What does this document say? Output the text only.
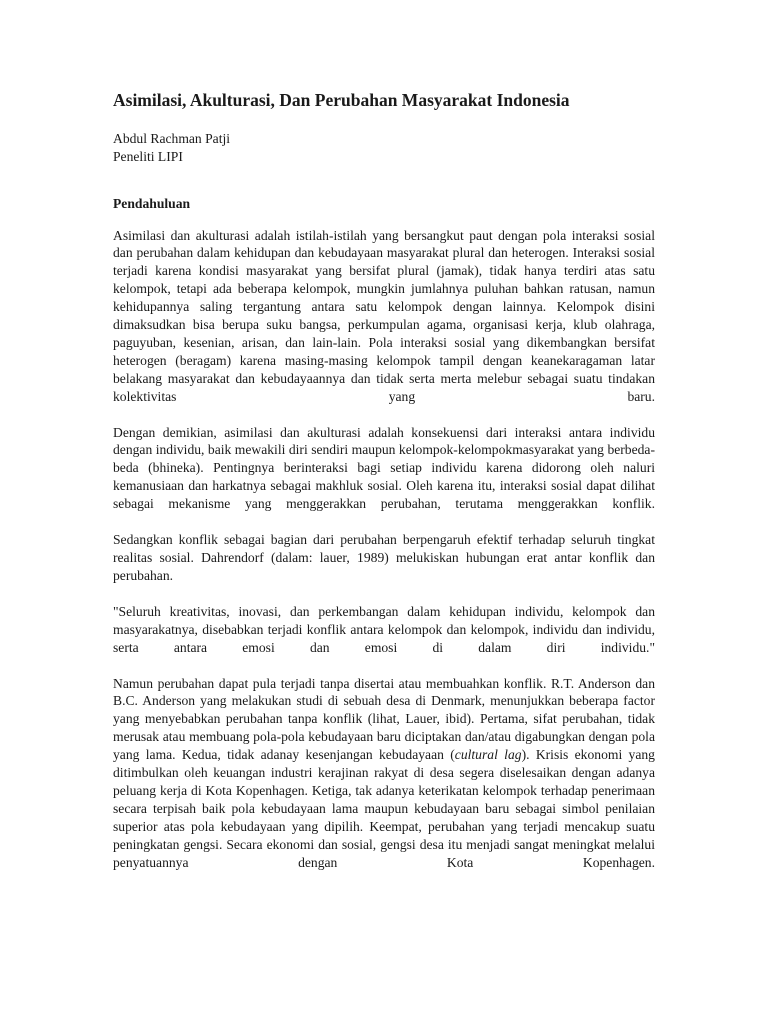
Asimilasi, Akulturasi, Dan Perubahan Masyarakat Indonesia
Abdul Rachman Patji
Peneliti LIPI
Pendahuluan

Asimilasi dan akulturasi adalah istilah-istilah yang bersangkut paut dengan pola interaksi sosial dan perubahan dalam kehidupan dan kebudayaan masyarakat plural dan heterogen. Interaksi sosial terjadi karena kondisi masyarakat yang bersifat plural (jamak), tidak hanya terdiri atas satu kelompok, tetapi ada beberapa kelompok, mungkin jumlahnya puluhan bahkan ratusan, namun kehidupannya saling tergantung antara satu kelompok dengan lainnya. Kelompok disini dimaksudkan bisa berupa suku bangsa, perkumpulan agama, organisasi kerja, klub olahraga, paguyuban, kesenian, arisan, dan lain-lain. Pola interaksi sosial yang dikembangkan bersifat heterogen (beragam) karena masing-masing kelompok tampil dengan keanekaragaman latar belakang masyarakat dan kebudayaannya dan tidak serta merta melebur sebagai suatu tindakan kolektivitas yang baru.

Dengan demikian, asimilasi dan akulturasi adalah konsekuensi dari interaksi antara individu dengan individu, baik mewakili diri sendiri maupun kelompok-kelompokmasyarakat yang berbeda-beda (bhineka). Pentingnya berinteraksi bagi setiap individu karena didorong oleh naluri kemanusiaan dan harkatnya sebagai makhluk sosial. Oleh karena itu, interaksi sosial dapat dilihat sebagai mekanisme yang menggerakkan perubahan, terutama menggerakkan konflik.

Sedangkan konflik sebagai bagian dari perubahan berpengaruh efektif terhadap seluruh tingkat realitas sosial. Dahrendorf (dalam: lauer, 1989) melukiskan hubungan erat antar konflik dan perubahan.

"Seluruh kreativitas, inovasi, dan perkembangan dalam kehidupan individu, kelompok dan masyarakatnya, disebabkan terjadi konflik antara kelompok dan kelompok, individu dan individu, serta antara emosi dan emosi di dalam diri individu."

Namun perubahan dapat pula terjadi tanpa disertai atau membuahkan konflik. R.T. Anderson dan B.C. Anderson yang melakukan studi di sebuah desa di Denmark, menunjukkan beberapa factor yang menyebabkan perubahan tanpa konflik (lihat, Lauer, ibid). Pertama, sifat perubahan, tidak merusak atau membuang pola-pola kebudayaan baru diciptakan dan/atau digabungkan dengan pola yang lama. Kedua, tidak adanay kesenjangan kebudayaan (cultural lag). Krisis ekonomi yang ditimbulkan oleh keuangan industri kerajinan rakyat di desa segera diselesaikan dengan adanya peluang kerja di Kota Kopenhagen. Ketiga, tak adanya keterikatan kelompok terhadap penerimaan secara terpisah baik pola kebudayaan lama maupun kebudayaan baru sebagai simbol penilaian superior atas pola kebudayaan yang dipilih. Keempat, perubahan yang terjadi mencakup suatu peningkatan gengsi. Secara ekonomi dan sosial, gengsi desa itu menjadi sangat meningkat melalui penyatuannya dengan Kota Kopenhagen.
